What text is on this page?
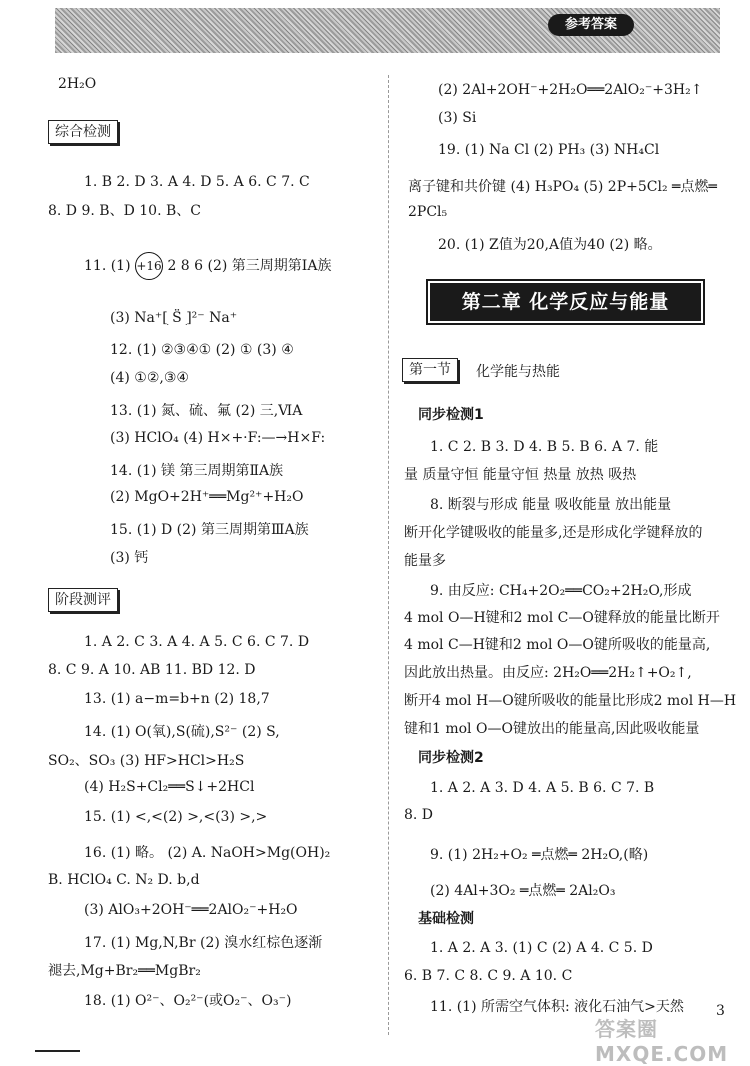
参考答案
2H₂O
综合检测
1. B 2. D 3. A 4. D 5. A 6. C 7. C
8. D 9. B、D 10. B、C
11. (1) +16 2 8 6 (2) 第三周期第ⅠA族
(3) Na⁺[ׅ S̈ ׅ]²⁻ Na⁺
12. (1) ②③④① (2) ① (3) ④
(4) ①②,③④
13. (1) 氮、硫、氟 (2) 三,ⅥA
(3) HClO₄ (4) H×+·F:—→H×F:
14. (1) 镁 第三周期第ⅡA族
(2) MgO+2H⁺══Mg²⁺+H₂O
15. (1) D (2) 第三周期第ⅢA族
(3) 钙
阶段测评
1. A 2. C 3. A 4. A 5. C 6. C 7. D
8. C 9. A 10. AB 11. BD 12. D
13. (1) a−m=b+n (2) 18,7
14. (1) O(氧),S(硫),S²⁻ (2) S,
SO₂、SO₃ (3) HF>HCl>H₂S
(4) H₂S+Cl₂══S↓+2HCl
15. (1) <,<(2) >,<(3) >,>
16. (1) 略。 (2) A. NaOH>Mg(OH)₂
B. HClO₄ C. N₂ D. b,d
(3) AlO₃+2OH⁻══2AlO₂⁻+H₂O
17. (1) Mg,N,Br (2) 溴水红棕色逐渐
褪去,Mg+Br₂══MgBr₂
18. (1) O²⁻、O₂²⁻(或O₂⁻、O₃⁻)
(2) 2Al+2OH⁻+2H₂O══2AlO₂⁻+3H₂↑
(3) Si
19. (1) Na Cl (2) PH₃ (3) NH₄Cl
离子键和共价键 (4) H₃PO₄ (5) 2P+5Cl₂ ═点燃═
2PCl₅
20. (1) Z值为20,A值为40 (2) 略。
第二章 化学反应与能量
第一节	化学能与热能
同步检测1
1. C 2. B 3. D 4. B 5. B 6. A 7. 能
量 质量守恒 能量守恒 热量 放热 吸热
8. 断裂与形成 能量 吸收能量 放出能量
断开化学键吸收的能量多,还是形成化学键释放的
能量多
9. 由反应: CH₄+2O₂══CO₂+2H₂O,形成
4 mol O—H键和2 mol C—O键释放的能量比断开
4 mol C—H键和2 mol O—O键所吸收的能量高,
因此放出热量。由反应: 2H₂O══2H₂↑+O₂↑,
断开4 mol H—O键所吸收的能量比形成2 mol H—H
键和1 mol O—O键放出的能量高,因此吸收能量
同步检测2
1. A 2. A 3. D 4. A 5. B 6. C 7. B
8. D
9. (1) 2H₂+O₂ ═点燃═ 2H₂O,(略)
(2) 4Al+3O₂ ═点燃═ 2Al₂O₃
基础检测
1. A 2. A 3. (1) C (2) A 4. C 5. D
6. B 7. C 8. C 9. A 10. C
11. (1) 所需空气体积: 液化石油气>天然 3
答案圈 MXQE.COM
